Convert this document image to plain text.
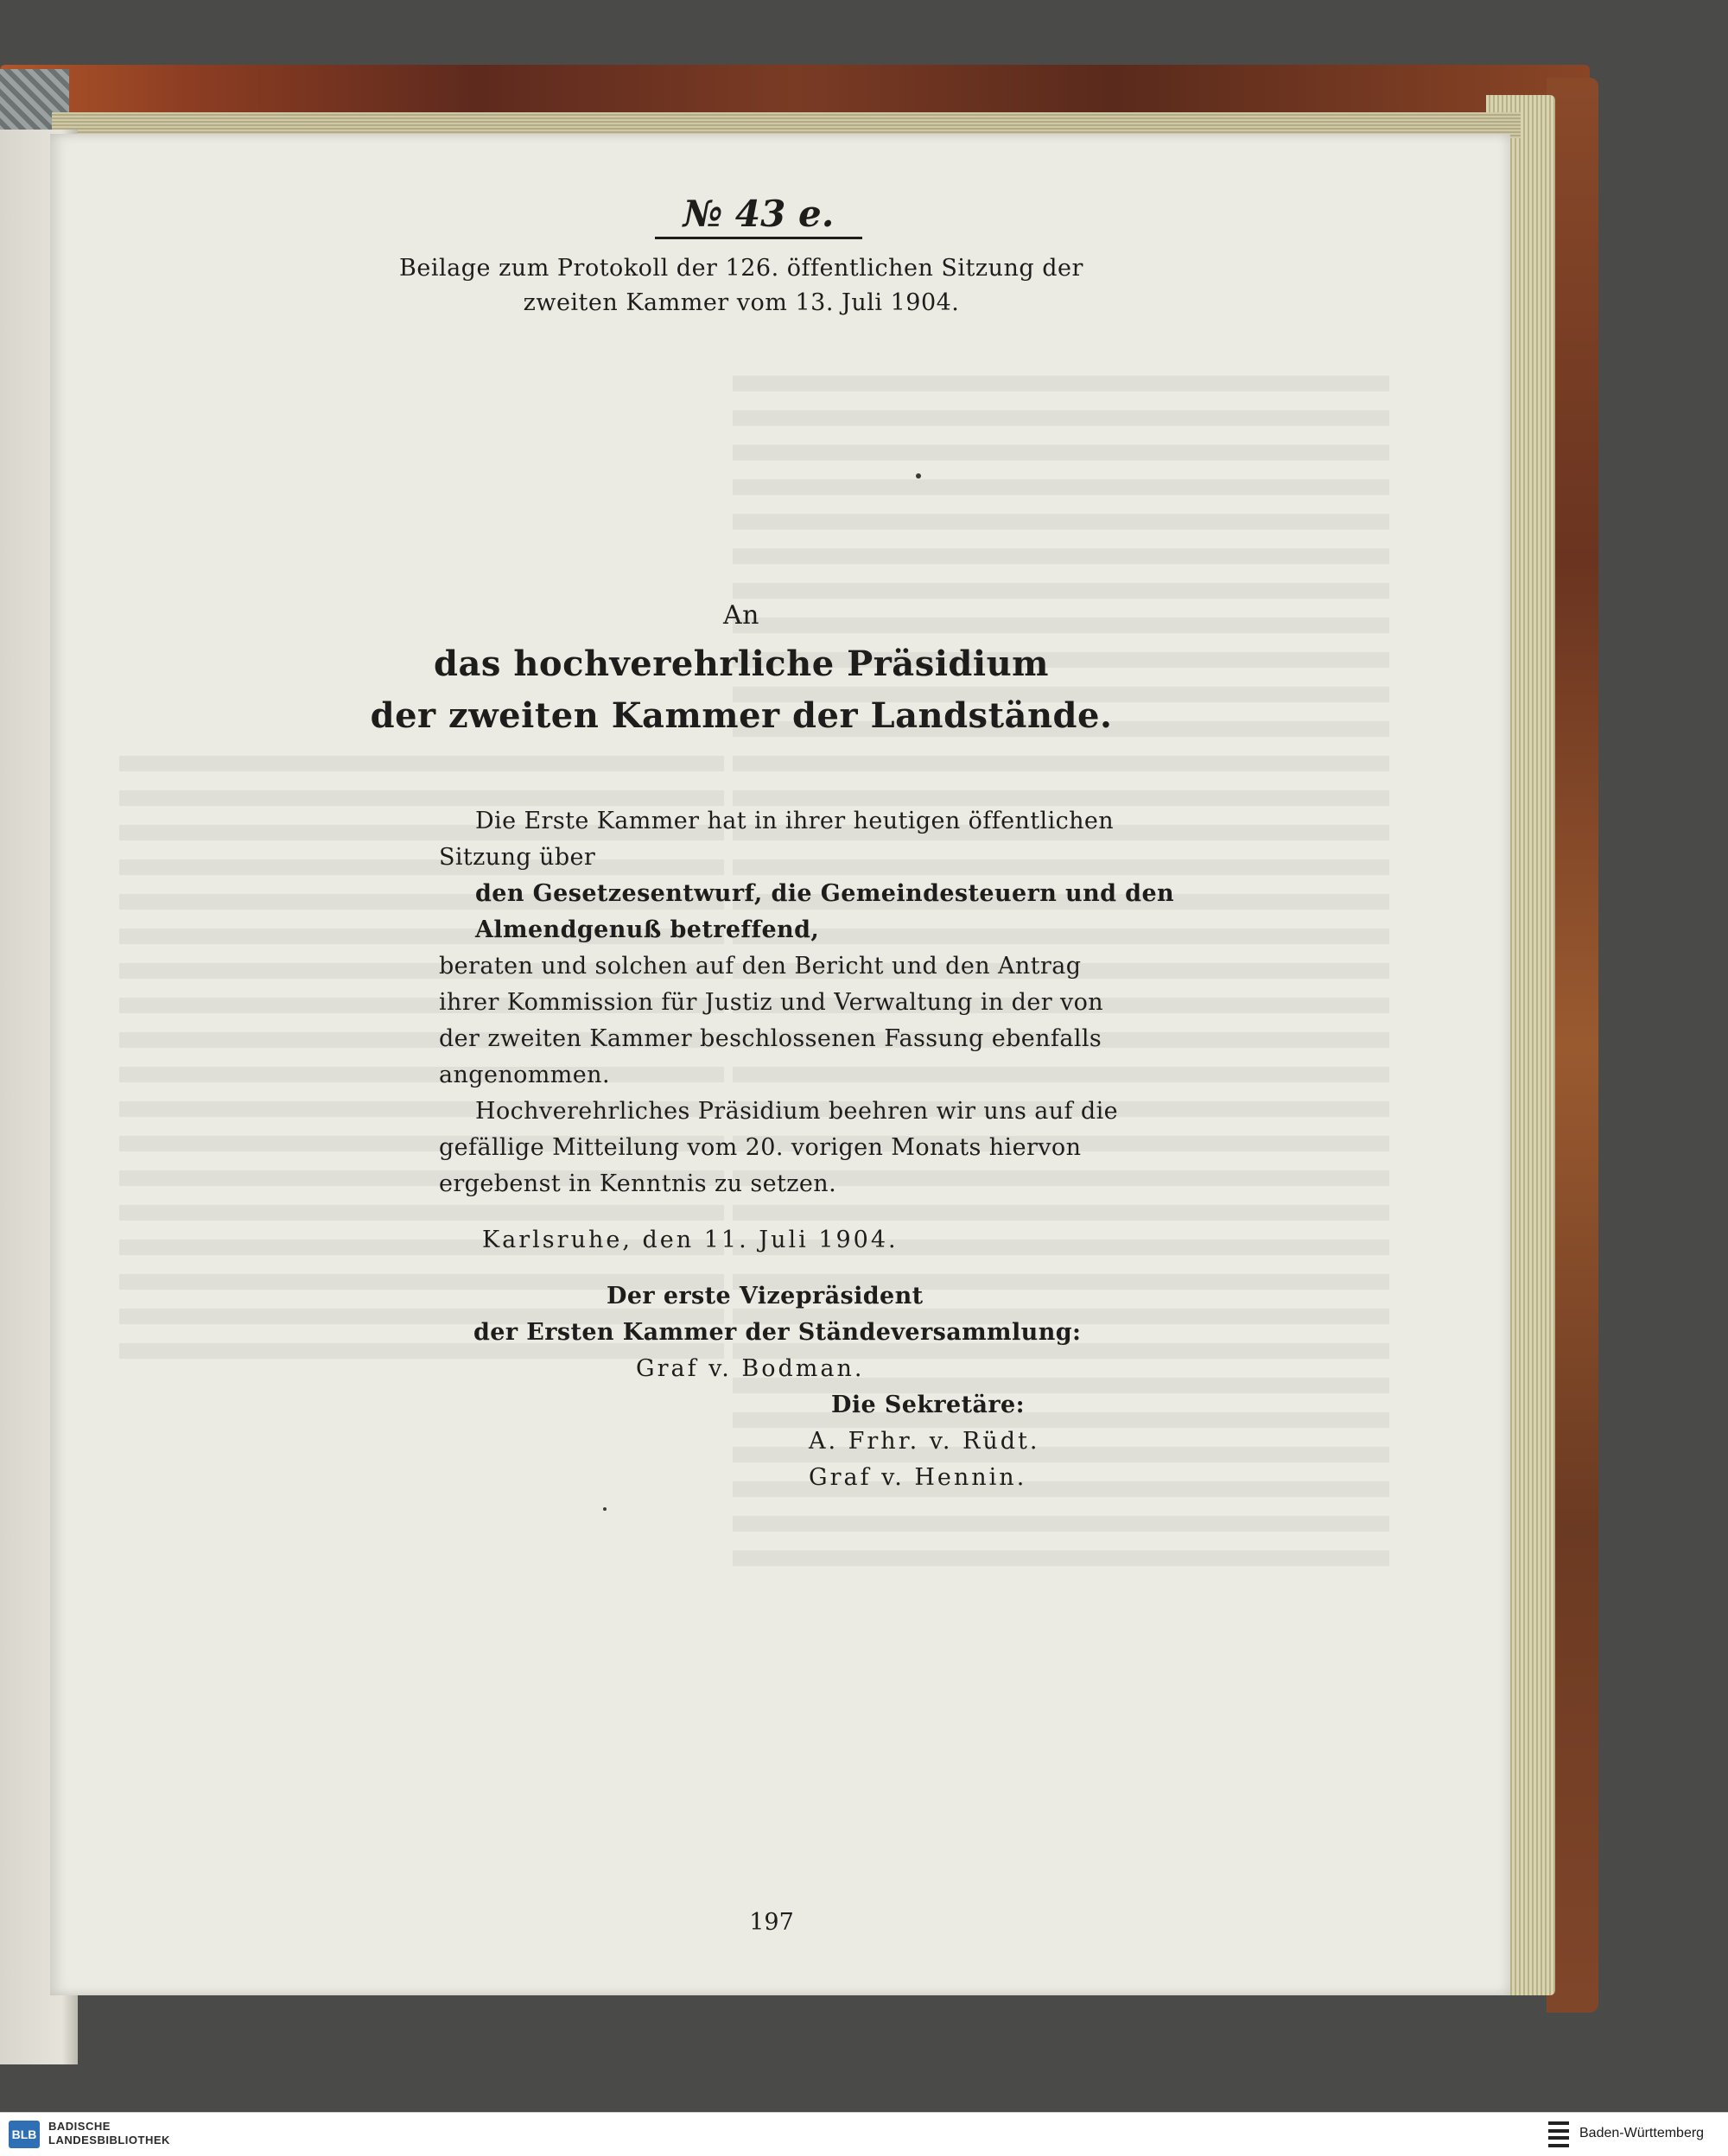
№ 43 e.
Beilage zum Protokoll der 126. öffentlichen Sitzung der
zweiten Kammer vom 13. Juli 1904.
An
das hochverehrliche Präsidium
der zweiten Kammer der Landstände.
Die Erste Kammer hat in ihrer heutigen öffentlichen
Sitzung über
den Gesetzesentwurf, die Gemeindesteuern und den
Almendgenuß betreffend,
beraten und solchen auf den Bericht und den Antrag
ihrer Kommission für Justiz und Verwaltung in der von
der zweiten Kammer beschlossenen Fassung ebenfalls
angenommen.
Hochverehrliches Präsidium beehren wir uns auf die
gefällige Mitteilung vom 20. vorigen Monats hiervon
ergebenst in Kenntnis zu setzen.
Karlsruhe, den 11. Juli 1904.
Der erste Vizepräsident
der Ersten Kammer der Ständeversammlung:
Graf v. Bodman.
Die Sekretäre:
A. Frhr. v. Rüdt.
Graf v. Hennin.
197
BLB
BADISCHE
LANDESBIBLIOTHEK	Baden-Württemberg
